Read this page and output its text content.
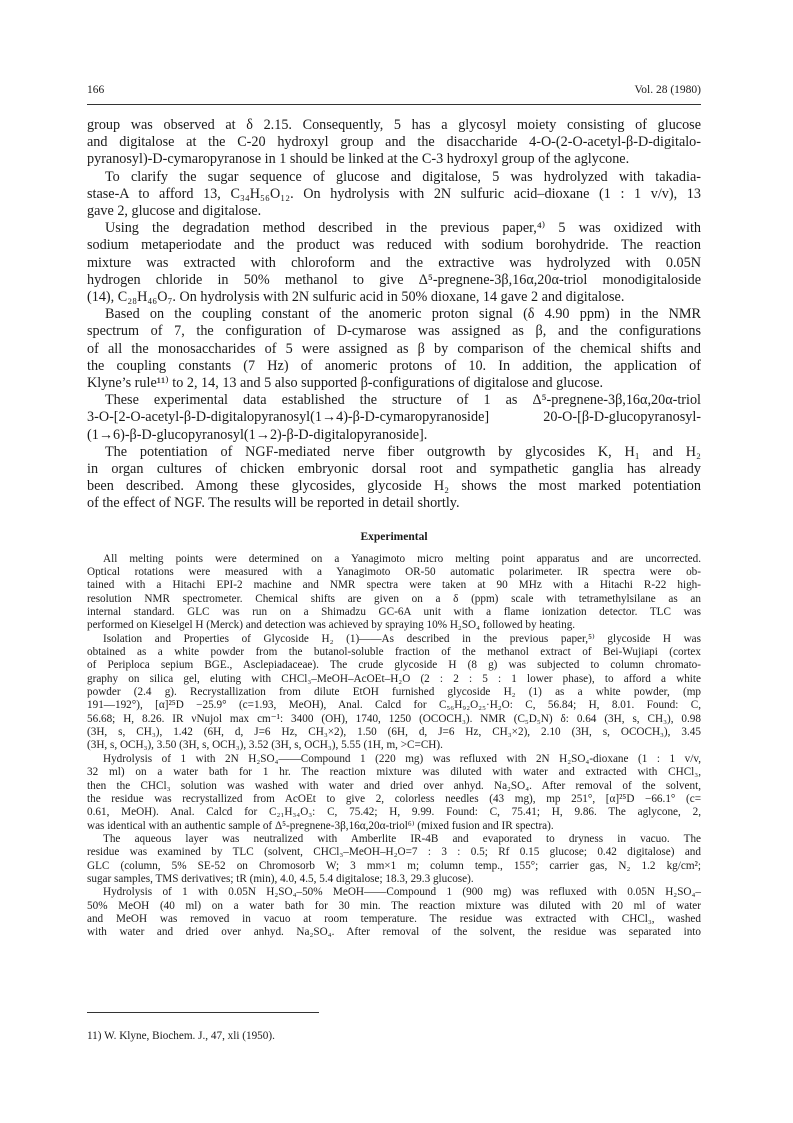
166	Vol. 28 (1980)
group was observed at δ 2.15. Consequently, 5 has a glycosyl moiety consisting of glucose
and digitalose at the C-20 hydroxyl group and the disaccharide 4-O-(2-O-acetyl-β-D-digitalo-
pyranosyl)-D-cymaropyranose in 1 should be linked at the C-3 hydroxyl group of the aglycone.
To clarify the sugar sequence of glucose and digitalose, 5 was hydrolyzed with takadia-
stase-A to afford 13, C₃₄H₅₆O₁₂. On hydrolysis with 2N sulfuric acid–dioxane (1 : 1 v/v), 13
gave 2, glucose and digitalose.
Using the degradation method described in the previous paper,⁴⁾ 5 was oxidized with
sodium metaperiodate and the product was reduced with sodium borohydride. The reaction
mixture was extracted with chloroform and the extractive was hydrolyzed with 0.05N
hydrogen chloride in 50% methanol to give Δ⁵-pregnene-3β,16α,20α-triol monodigitaloside
(14), C₂₈H₄₆O₇. On hydrolysis with 2N sulfuric acid in 50% dioxane, 14 gave 2 and digitalose.
Based on the coupling constant of the anomeric proton signal (δ 4.90 ppm) in the NMR
spectrum of 7, the configuration of D-cymarose was assigned as β, and the configurations
of all the monosaccharides of 5 were assigned as β by comparison of the chemical shifts and
the coupling constants (7 Hz) of anomeric protons of 10. In addition, the application of
Klyne’s rule¹¹⁾ to 2, 14, 13 and 5 also supported β-configurations of digitalose and glucose.
These experimental data established the structure of 1 as Δ⁵-pregnene-3β,16α,20α-triol
3-O-[2-O-acetyl-β-D-digitalopyranosyl(1→4)-β-D-cymaropyranoside] 20-O-[β-D-glucopyranosyl-
(1→6)-β-D-glucopyranosyl(1→2)-β-D-digitalopyranoside].
The potentiation of NGF-mediated nerve fiber outgrowth by glycosides K, H₁ and H₂
in organ cultures of chicken embryonic dorsal root and sympathetic ganglia has already
been described. Among these glycosides, glycoside H₂ shows the most marked potentiation
of the effect of NGF. The results will be reported in detail shortly.
Experimental
All melting points were determined on a Yanagimoto micro melting point apparatus and are uncorrected.
Optical rotations were measured with a Yanagimoto OR-50 automatic polarimeter. IR spectra were ob-
tained with a Hitachi EPI-2 machine and NMR spectra were taken at 90 MHz with a Hitachi R-22 high-
resolution NMR spectrometer. Chemical shifts are given on a δ (ppm) scale with tetramethylsilane as an
internal standard. GLC was run on a Shimadzu GC-6A unit with a flame ionization detector. TLC was
performed on Kieselgel H (Merck) and detection was achieved by spraying 10% H₂SO₄ followed by heating.
Isolation and Properties of Glycoside H₂ (1)——As described in the previous paper,⁵⁾ glycoside H was
obtained as a white powder from the butanol-soluble fraction of the methanol extract of Bei-Wujiapi (cortex
of Periploca sepium BGE., Asclepiadaceae). The crude glycoside H (8 g) was subjected to column chromato-
graphy on silica gel, eluting with CHCl₃–MeOH–AcOEt–H₂O (2 : 2 : 5 : 1 lower phase), to afford a white
powder (2.4 g). Recrystallization from dilute EtOH furnished glycoside H₂ (1) as a white powder, (mp
191—192°), [α]²⁵D −25.9° (c=1.93, MeOH), Anal. Calcd for C₅₆H₉₂O₂₅·H₂O: C, 56.84; H, 8.01. Found: C,
56.68; H, 8.26. IR νNujol max cm⁻¹: 3400 (OH), 1740, 1250 (OCOCH₃). NMR (C₅D₅N) δ: 0.64 (3H, s, CH₃), 0.98
(3H, s, CH₃), 1.42 (6H, d, J=6 Hz, CH₃×2), 1.50 (6H, d, J=6 Hz, CH₃×2), 2.10 (3H, s, OCOCH₃), 3.45
(3H, s, OCH₃), 3.50 (3H, s, OCH₃), 3.52 (3H, s, OCH₃), 5.55 (1H, m, >C=CH).
Hydrolysis of 1 with 2N H₂SO₄——Compound 1 (220 mg) was refluxed with 2N H₂SO₄-dioxane (1 : 1 v/v,
32 ml) on a water bath for 1 hr. The reaction mixture was diluted with water and extracted with CHCl₃,
then the CHCl₃ solution was washed with water and dried over anhyd. Na₂SO₄. After removal of the solvent,
the residue was recrystallized from AcOEt to give 2, colorless needles (43 mg), mp 251°, [α]²⁵D −66.1° (c=
0.61, MeOH). Anal. Calcd for C₂₁H₃₄O₃: C, 75.42; H, 9.99. Found: C, 75.41; H, 9.86. The aglycone, 2,
was identical with an authentic sample of Δ⁵-pregnene-3β,16α,20α-triol⁶⁾ (mixed fusion and IR spectra).
The aqueous layer was neutralized with Amberlite IR-4B and evaporated to dryness in vacuo. The
residue was examined by TLC (solvent, CHCl₃–MeOH–H₂O=7 : 3 : 0.5; Rf 0.15 glucose; 0.42 digitalose) and
GLC (column, 5% SE-52 on Chromosorb W; 3 mm×1 m; column temp., 155°; carrier gas, N₂ 1.2 kg/cm²;
sugar samples, TMS derivatives; tR (min), 4.0, 4.5, 5.4 digitalose; 18.3, 29.3 glucose).
Hydrolysis of 1 with 0.05N H₂SO₄–50% MeOH——Compound 1 (900 mg) was refluxed with 0.05N H₂SO₄–
50% MeOH (40 ml) on a water bath for 30 min. The reaction mixture was diluted with 20 ml of water
and MeOH was removed in vacuo at room temperature. The residue was extracted with CHCl₃, washed
with water and dried over anhyd. Na₂SO₄. After removal of the solvent, the residue was separated into
11) W. Klyne, Biochem. J., 47, xli (1950).
